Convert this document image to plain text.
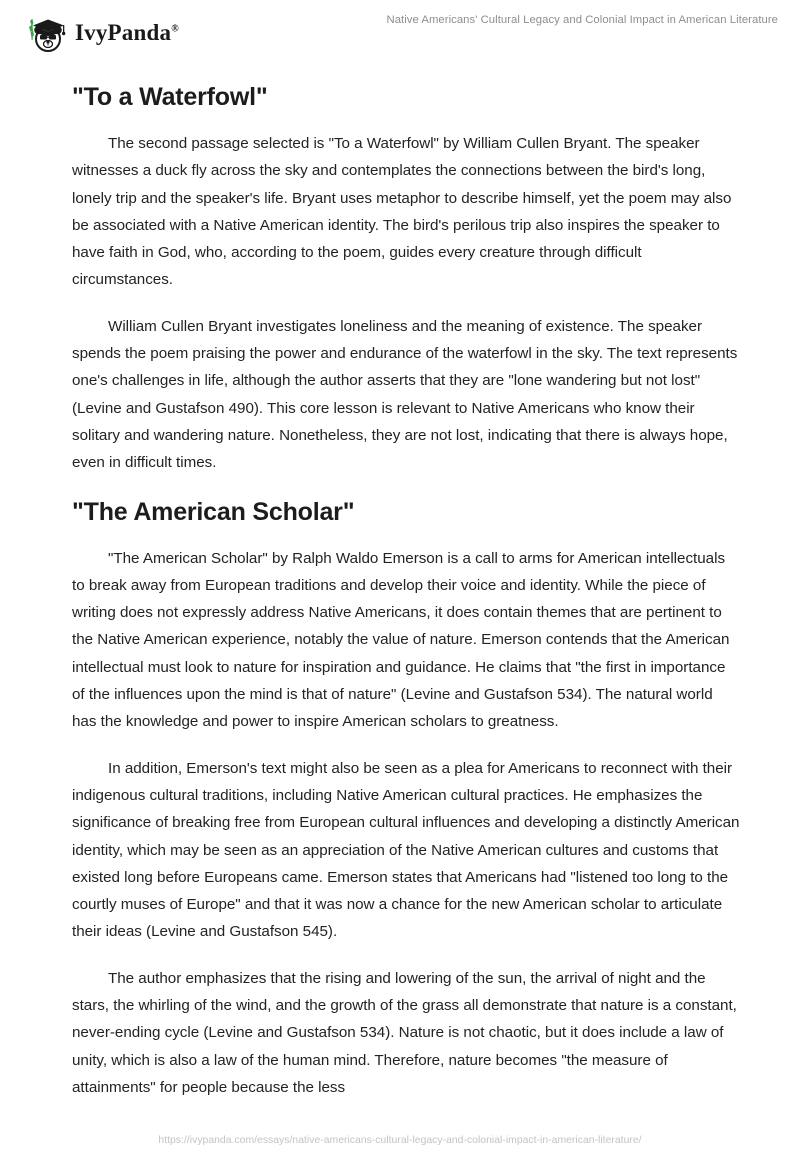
IvyPanda®
Native Americans' Cultural Legacy and Colonial Impact in American Literature
"To a Waterfowl"

The second passage selected is "To a Waterfowl" by William Cullen Bryant. The speaker witnesses a duck fly across the sky and contemplates the connections between the bird's long, lonely trip and the speaker's life. Bryant uses metaphor to describe himself, yet the poem may also be associated with a Native American identity. The bird's perilous trip also inspires the speaker to have faith in God, who, according to the poem, guides every creature through difficult circumstances.

William Cullen Bryant investigates loneliness and the meaning of existence. The speaker spends the poem praising the power and endurance of the waterfowl in the sky. The text represents one's challenges in life, although the author asserts that they are "lone wandering but not lost" (Levine and Gustafson 490). This core lesson is relevant to Native Americans who know their solitary and wandering nature. Nonetheless, they are not lost, indicating that there is always hope, even in difficult times.

"The American Scholar"

"The American Scholar" by Ralph Waldo Emerson is a call to arms for American intellectuals to break away from European traditions and develop their voice and identity. While the piece of writing does not expressly address Native Americans, it does contain themes that are pertinent to the Native American experience, notably the value of nature. Emerson contends that the American intellectual must look to nature for inspiration and guidance. He claims that "the first in importance of the influences upon the mind is that of nature" (Levine and Gustafson 534). The natural world has the knowledge and power to inspire American scholars to greatness.

In addition, Emerson's text might also be seen as a plea for Americans to reconnect with their indigenous cultural traditions, including Native American cultural practices. He emphasizes the significance of breaking free from European cultural influences and developing a distinctly American identity, which may be seen as an appreciation of the Native American cultures and customs that existed long before Europeans came. Emerson states that Americans had "listened too long to the courtly muses of Europe" and that it was now a chance for the new American scholar to articulate their ideas (Levine and Gustafson 545).

The author emphasizes that the rising and lowering of the sun, the arrival of night and the stars, the whirling of the wind, and the growth of the grass all demonstrate that nature is a constant, never-ending cycle (Levine and Gustafson 534). Nature is not chaotic, but it does include a law of unity, which is also a law of the human mind. Therefore, nature becomes "the measure of attainments" for people because the less

https://ivypanda.com/essays/native-americans-cultural-legacy-and-colonial-impact-in-american-literature/
